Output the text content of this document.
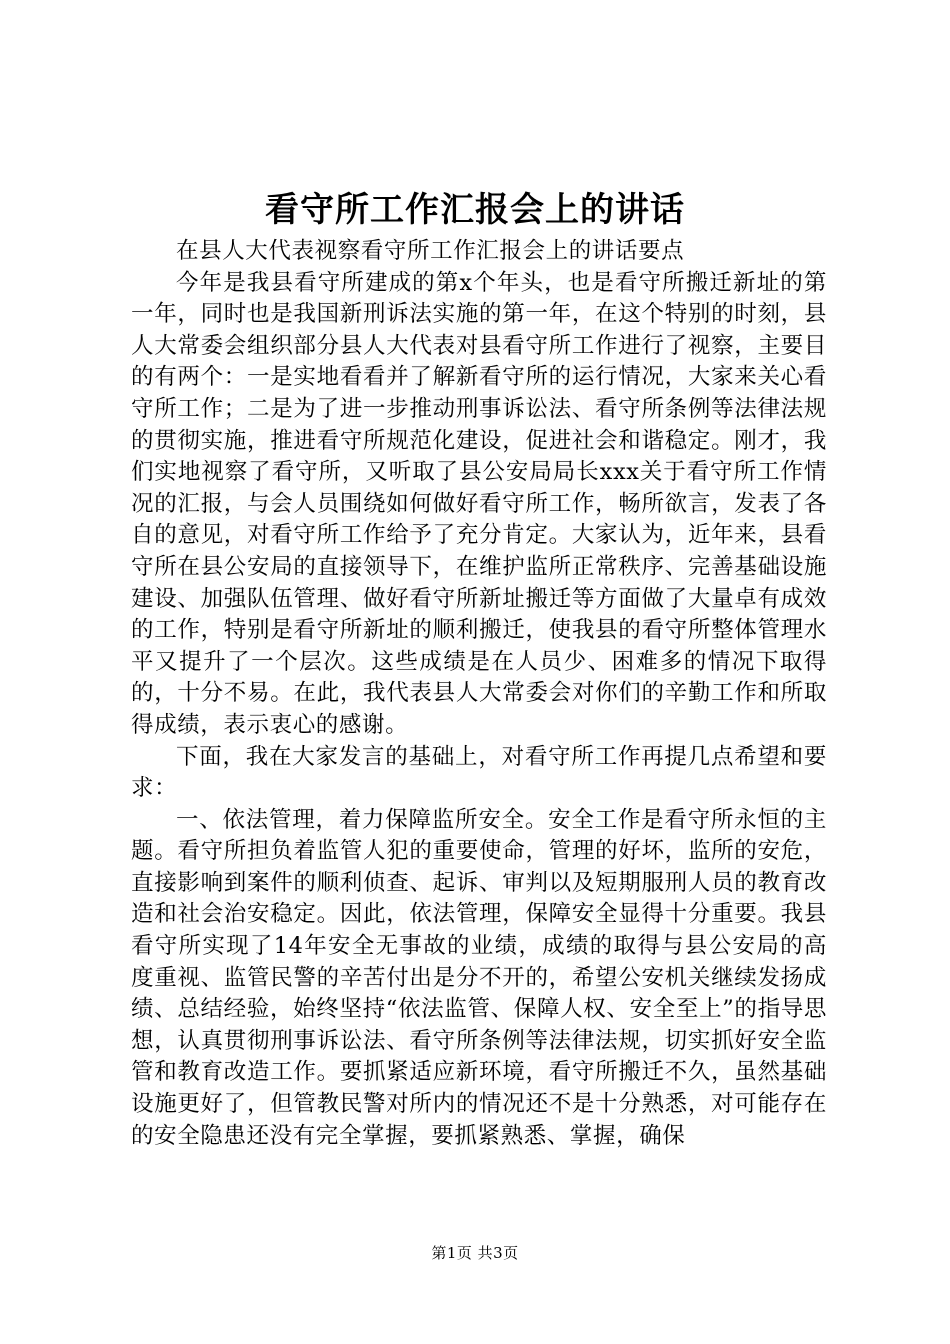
看守所工作汇报会上的讲话

在县人大代表视察看守所工作汇报会上的讲话要点

今年是我县看守所建成的第x个年头，也是看守所搬迁新址的第一年，同时也是我国新刑诉法实施的第一年，在这个特别的时刻，县人大常委会组织部分县人大代表对县看守所工作进行了视察，主要目的有两个：一是实地看看并了解新看守所的运行情况，大家来关心看守所工作；二是为了进一步推动刑事诉讼法、看守所条例等法律法规的贯彻实施，推进看守所规范化建设，促进社会和谐稳定。刚才，我们实地视察了看守所，又听取了县公安局局长xxx关于看守所工作情况的汇报，与会人员围绕如何做好看守所工作，畅所欲言，发表了各自的意见，对看守所工作给予了充分肯定。大家认为，近年来，县看守所在县公安局的直接领导下，在维护监所正常秩序、完善基础设施建设、加强队伍管理、做好看守所新址搬迁等方面做了大量卓有成效的工作，特别是看守所新址的顺利搬迁，使我县的看守所整体管理水平又提升了一个层次。这些成绩是在人员少、困难多的情况下取得的，十分不易。在此，我代表县人大常委会对你们的辛勤工作和所取得成绩，表示衷心的感谢。

下面，我在大家发言的基础上，对看守所工作再提几点希望和要求：

一、依法管理，着力保障监所安全。安全工作是看守所永恒的主题。看守所担负着监管人犯的重要使命，管理的好坏，监所的安危，直接影响到案件的顺利侦查、起诉、审判以及短期服刑人员的教育改造和社会治安稳定。因此，依法管理，保障安全显得十分重要。我县看守所实现了14年安全无事故的业绩，成绩的取得与县公安局的高度重视、监管民警的辛苦付出是分不开的，希望公安机关继续发扬成绩、总结经验，始终坚持“依法监管、保障人权、安全至上”的指导思想，认真贯彻刑事诉讼法、看守所条例等法律法规，切实抓好安全监管和教育改造工作。要抓紧适应新环境，看守所搬迁不久，虽然基础设施更好了，但管教民警对所内的情况还不是十分熟悉，对可能存在的安全隐患还没有完全掌握，要抓紧熟悉、掌握，确保

第1页 共3页
